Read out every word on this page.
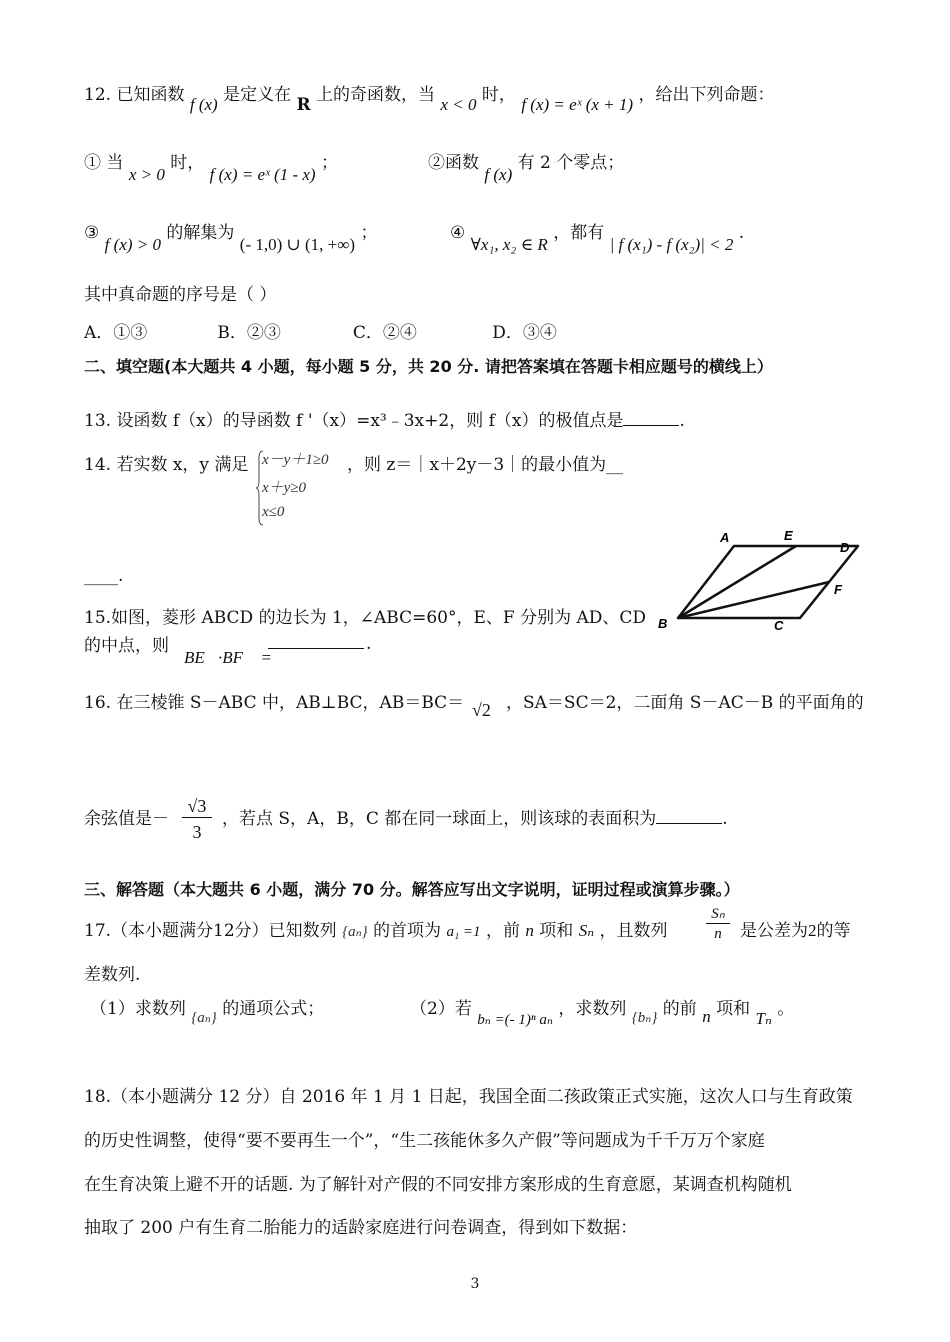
12. 已知函数 f (x) 是定义在 R 上的奇函数，当 x < 0 时， f (x) = eˣ (x + 1) ，给出下列命题：
① 当 x > 0 时， f (x) = eˣ (1 - x) ；	②函数 f (x) 有 2 个零点；
③ f (x) > 0 的解集为 (- 1,0) ∪ (1, +∞) ；	④ ∀x₁, x₂ ∈ R ，都有 | f (x₁) - f (x₂)| < 2 .
其中真命题的序号是（ ）
A．①③	B．②③	C．②④	D．③④
二、填空题(本大题共 4 小题，每小题 5 分，共 20 分. 请把答案填在答题卡相应题号的横线上）
13. 设函数 f（x）的导函数 f '（x）=x³﹣3x+2，则 f（x）的极值点是	.
14. 若实数 x，y 满足 x－y＋1≥0
x＋y≥0
x≤0
，则 z＝｜x＋2y－3｜的最小值为__
____.
15.如图，菱形 ABCD 的边长为 1，∠ABC=60°，E、F 分别为 AD、CD
的中点，则
BE⃗·BF⃗ =
.
A	E
D
F
B	C
16. 在三棱锥 S－ABC 中，AB⊥BC，AB＝BC＝ √2 ，SA＝SC＝2，二面角 S－AC－B 的平面角的
余弦值是－ $\frac{√3}{3}$ ，若点 S，A，B，C 都在同一球面上，则该球的表面积为	.
三、解答题（本大题共 6 小题，满分 70 分。解答应写出文字说明，证明过程或演算步骤。）
17.（本小题满分12分）已知数列 {aₙ} 的首项为 a₁ =1 ，前 n 项和 Sₙ ，且数列	$\frac{\text{Sₙ}}{n}$ 是公差为2的等
差数列.
（1）求数列 {aₙ} 的通项公式；	（2）若 bₙ =(- 1)ⁿ aₙ ，求数列 {bₙ} 的前 n 项和 Tₙ 。
18.（本小题满分 12 分）自 2016 年 1 月 1 日起，我国全面二孩政策正式实施，这次人口与生育政策
的历史性调整，使得“要不要再生一个”，“生二孩能休多久产假”等问题成为千千万万个家庭
在生育决策上避不开的话题. 为了解针对产假的不同安排方案形成的生育意愿，某调查机构随机
抽取了 200 户有生育二胎能力的适龄家庭进行问卷调查，得到如下数据：
3
